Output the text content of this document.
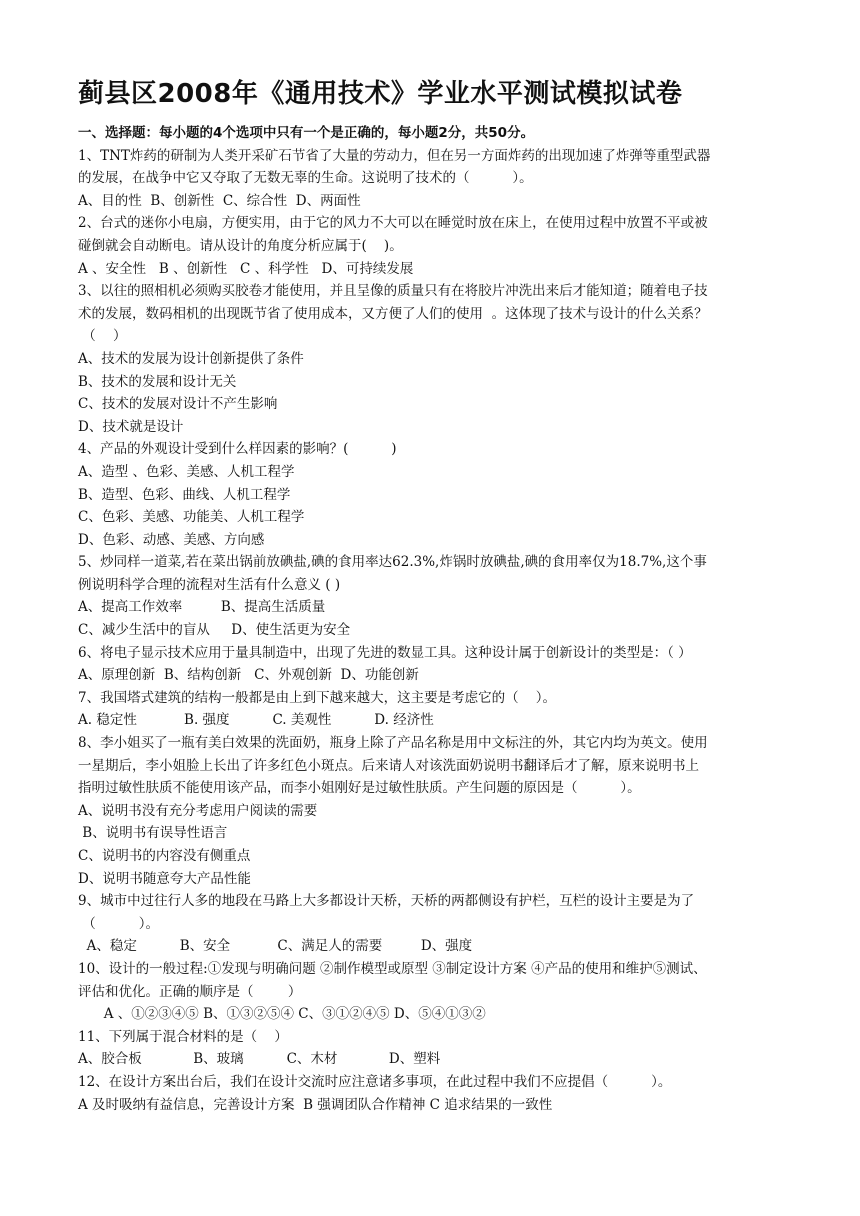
蓟县区2008年《通用技术》学业水平测试模拟试卷
一、选择题：每小题的4个选项中只有一个是正确的，每小题2分，共50分。
1、TNT炸药的研制为人类开采矿石节省了大量的劳动力，但在另一方面炸药的出现加速了炸弹等重型武器
的发展，在战争中它又夺取了无数无辜的生命。这说明了技术的（          ）。
A、目的性  B、创新性  C、综合性  D、两面性
2、台式的迷你小电扇，方便实用，由于它的风力不大可以在睡觉时放在床上，在使用过程中放置不平或被
碰倒就会自动断电。请从设计的角度分析应属于(    )。
A 、安全性   B 、创新性   C 、科学性   D、可持续发展
3、以往的照相机必须购买胶卷才能使用，并且呈像的质量只有在将胶片冲洗出来后才能知道；随着电子技
术的发展，数码相机的出现既节省了使用成本，又方便了人们的使用  。这体现了技术与设计的什么关系？
（    ）
A、技术的发展为设计创新提供了条件
B、技术的发展和设计无关
C、技术的发展对设计不产生影响
D、技术就是设计
4、产品的外观设计受到什么样因素的影响？(          )
A、造型 、色彩、美感、人机工程学
B、造型、色彩、曲线、人机工程学
C、色彩、美感、功能美、人机工程学
D、色彩、动感、美感、方向感
5、炒同样一道菜,若在菜出锅前放碘盐,碘的食用率达62.3%,炸锅时放碘盐,碘的食用率仅为18.7%,这个事
例说明科学合理的流程对生活有什么意义 ( )
A、提高工作效率         B、提高生活质量
C、减少生活中的盲从     D、使生活更为安全
6、将电子显示技术应用于量具制造中，出现了先进的数显工具。这种设计属于创新设计的类型是：（ ）
A、原理创新  B、结构创新   C、外观创新  D、功能创新
7、我国塔式建筑的结构一般都是由上到下越来越大，这主要是考虑它的（    ）。
A. 稳定性           B. 强度          C. 美观性          D. 经济性
8、李小姐买了一瓶有美白效果的洗面奶，瓶身上除了产品名称是用中文标注的外，其它内均为英文。使用
一星期后，李小姐脸上长出了许多红色小斑点。后来请人对该洗面奶说明书翻译后才了解，原来说明书上
指明过敏性肤质不能使用该产品，而李小姐刚好是过敏性肤质。产生问题的原因是（          ）。
A、说明书没有充分考虑用户阅读的需要
B、说明书有误导性语言
C、说明书的内容没有侧重点
D、说明书随意夸大产品性能
9、城市中过往行人多的地段在马路上大多都设计天桥，天桥的两都侧设有护栏，互栏的设计主要是为了
（          ）。
A、稳定          B、安全           C、满足人的需要         D、强度
10、设计的一般过程:①发现与明确问题 ②制作模型或原型 ③制定设计方案 ④产品的使用和维护⑤测试、
评估和优化。正确的顺序是（        ）
A 、①②③④⑤ B、①③②⑤④ C、③①②④⑤ D、⑤④①③②
11、下列属于混合材料的是（    ）
A、胶合板            B、玻璃          C、木材            D、塑料
12、在设计方案出台后，我们在设计交流时应注意诸多事项，在此过程中我们不应提倡（          ）。
A 及时吸纳有益信息，完善设计方案  B 强调团队合作精神 C 追求结果的一致性
